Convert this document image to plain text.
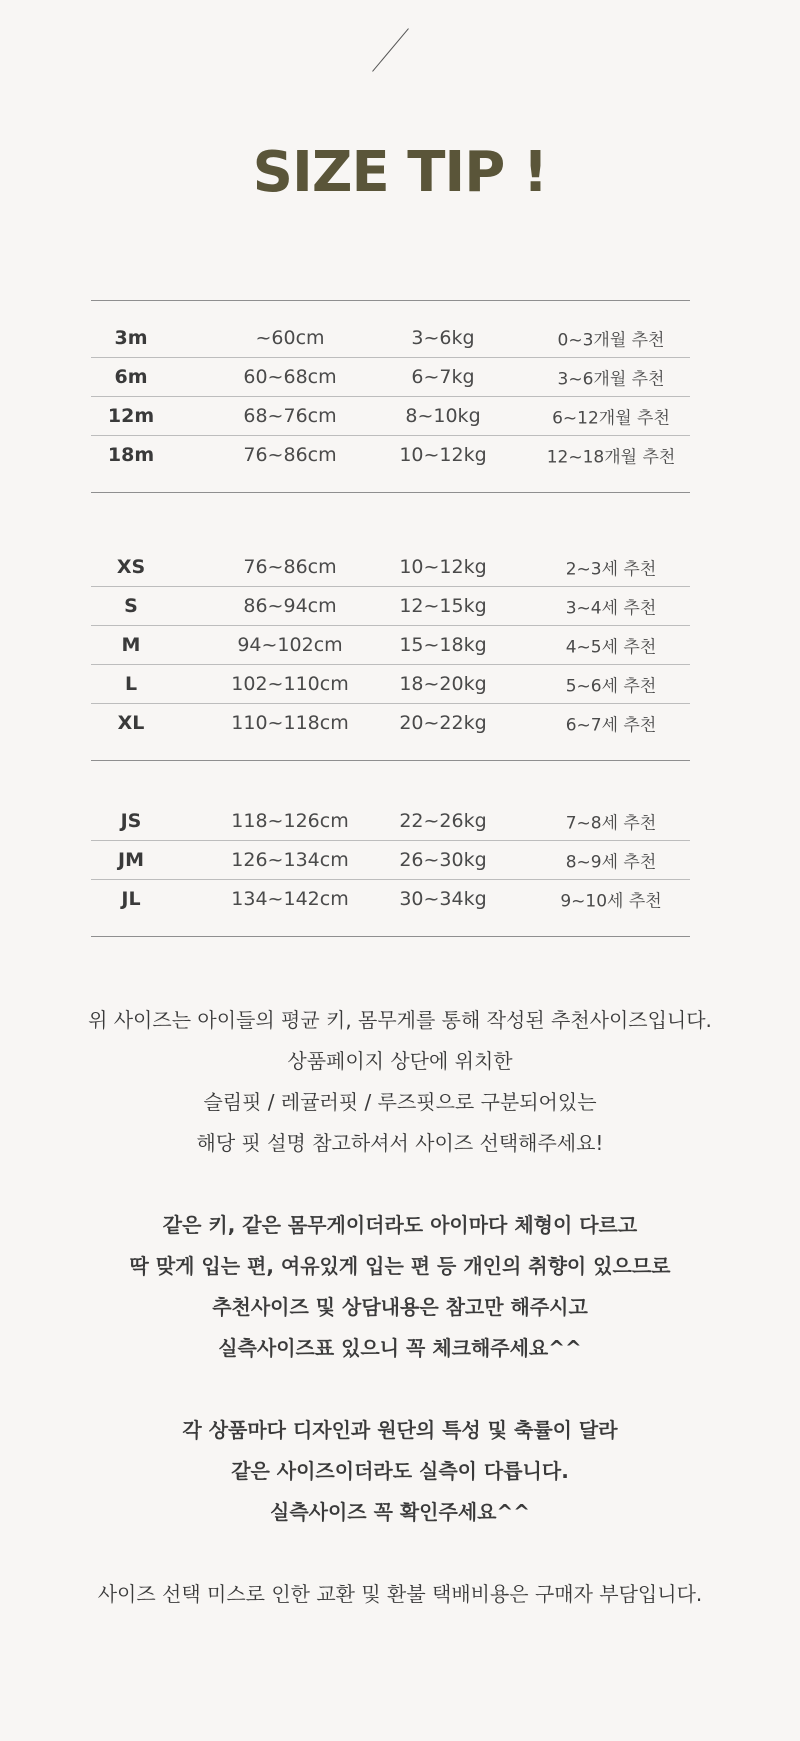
SIZE TIP !
3m	~60cm	3~6kg	0~3개월 추천
6m	60~68cm	6~7kg	3~6개월 추천
12m	68~76cm	8~10kg	6~12개월 추천
18m	76~86cm	10~12kg	12~18개월 추천
XS	76~86cm	10~12kg	2~3세 추천
S	86~94cm	12~15kg	3~4세 추천
M	94~102cm	15~18kg	4~5세 추천
L	102~110cm	18~20kg	5~6세 추천
XL	110~118cm	20~22kg	6~7세 추천
JS	118~126cm	22~26kg	7~8세 추천
JM	126~134cm	26~30kg	8~9세 추천
JL	134~142cm	30~34kg	9~10세 추천

위 사이즈는 아이들의 평균 키, 몸무게를 통해 작성된 추천사이즈입니다.

상품페이지 상단에 위치한

슬림핏 / 레귤러핏 / 루즈핏으로 구분되어있는

해당 핏 설명 참고하셔서 사이즈 선택해주세요!

같은 키, 같은 몸무게이더라도 아이마다 체형이 다르고

딱 맞게 입는 편, 여유있게 입는 편 등 개인의 취향이 있으므로

추천사이즈 및 상담내용은 참고만 해주시고

실측사이즈표 있으니 꼭 체크해주세요^^

각 상품마다 디자인과 원단의 특성 및 축률이 달라

같은 사이즈이더라도 실측이 다릅니다.

실측사이즈 꼭 확인주세요^^

사이즈 선택 미스로 인한 교환 및 환불 택배비용은 구매자 부담입니다.
